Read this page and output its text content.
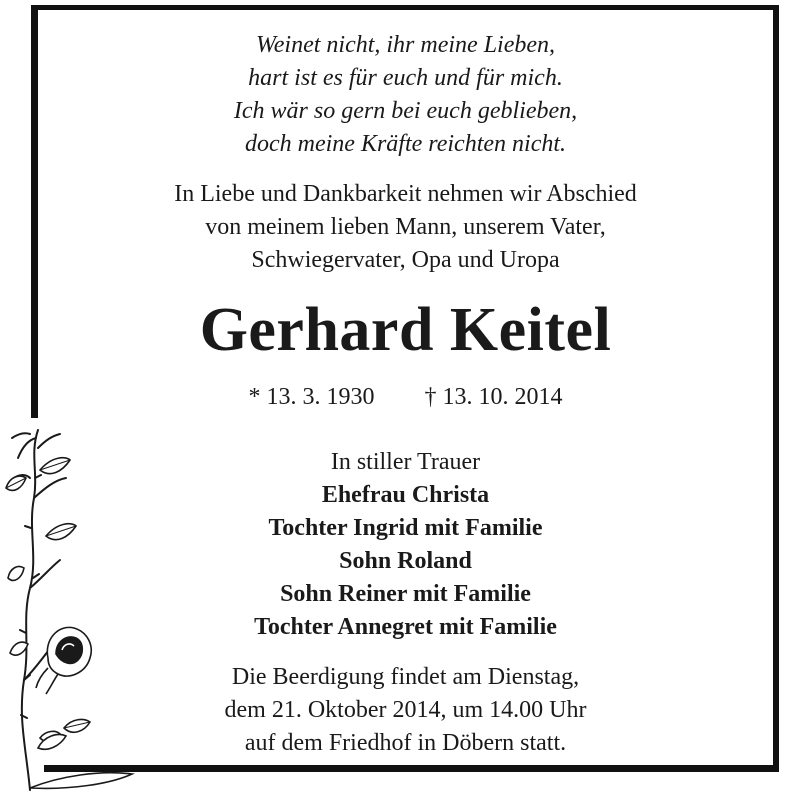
Weinet nicht, ihr meine Lieben,
hart ist es für euch und für mich.
Ich wär so gern bei euch geblieben,
doch meine Kräfte reichten nicht.
In Liebe und Dankbarkeit nehmen wir Abschied
von meinem lieben Mann, unserem Vater,
Schwiegervater, Opa und Uropa
Gerhard Keitel
* 13. 3. 1930 † 13. 10. 2014
In stiller Trauer
Ehefrau Christa
Tochter Ingrid mit Familie
Sohn Roland
Sohn Reiner mit Familie
Tochter Annegret mit Familie
Die Beerdigung findet am Dienstag,
dem 21. Oktober 2014, um 14.00 Uhr
auf dem Friedhof in Döbern statt.
